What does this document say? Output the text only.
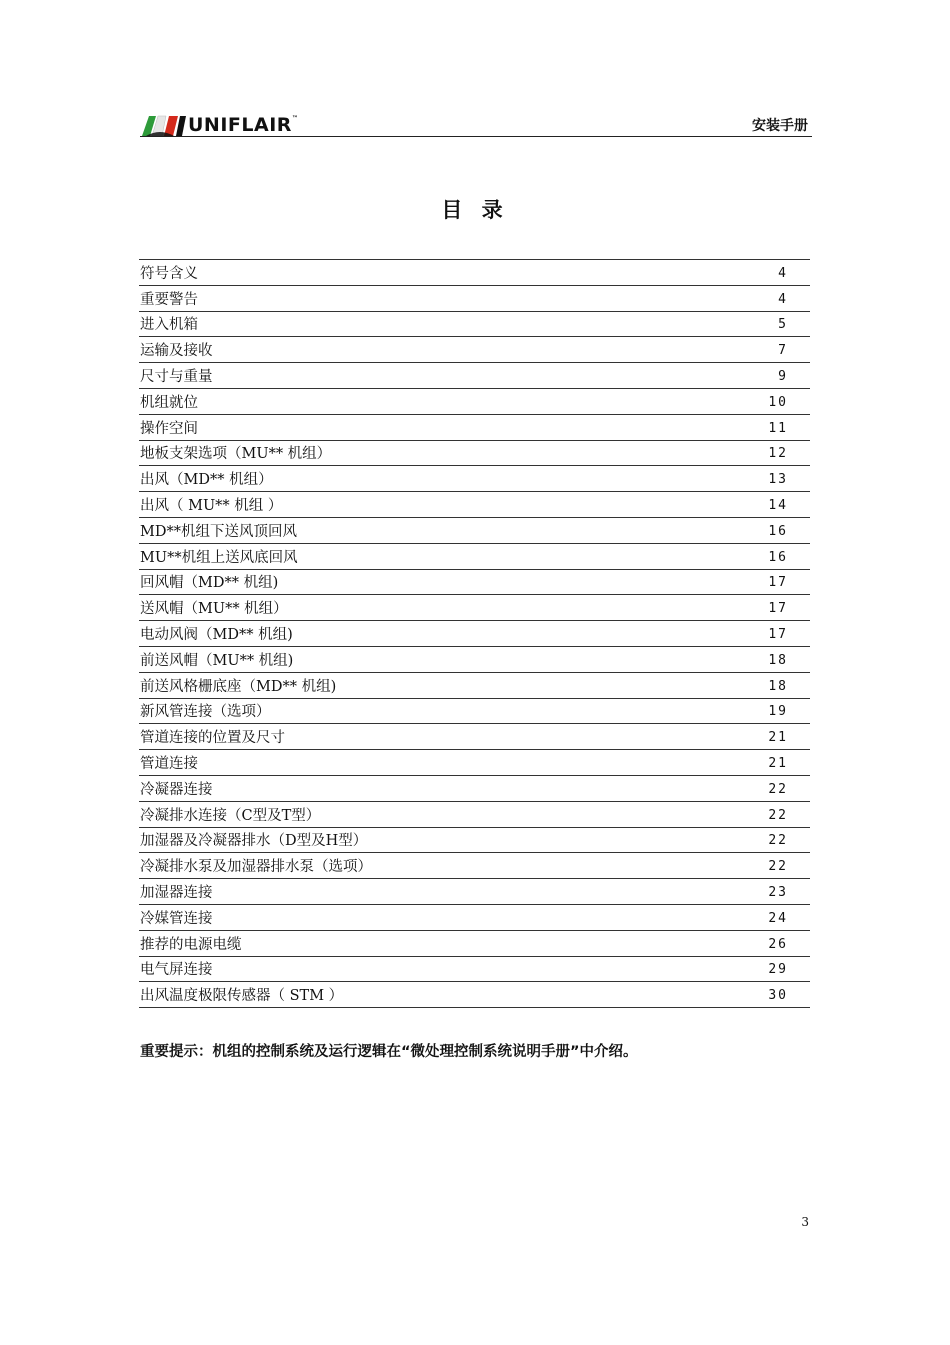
UNIFLAIR™	安装手册
目 录
符号含义	4
重要警告	4
进入机箱	5
运输及接收	7
尺寸与重量	9
机组就位	10
操作空间	11
地板支架选项（MU** 机组）	12
出风（MD** 机组）	13
出风（ MU** 机组 ）	14
MD**机组下送风顶回风	16
MU**机组上送风底回风	16
回风帽（MD** 机组)	17
送风帽（MU** 机组）	17
电动风阀（MD** 机组)	17
前送风帽（MU** 机组)	18
前送风格栅底座（MD** 机组)	18
新风管连接（选项）	19
管道连接的位置及尺寸	21
管道连接	21
冷凝器连接	22
冷凝排水连接（C型及T型）	22
加湿器及冷凝器排水（D型及H型）	22
冷凝排水泵及加湿器排水泵（选项）	22
加湿器连接	23
冷媒管连接	24
推荐的电源电缆	26
电气屏连接	29
出风温度极限传感器（ STM ）	30
重要提示：机组的控制系统及运行逻辑在“微处理控制系统说明手册”中介绍。
3
